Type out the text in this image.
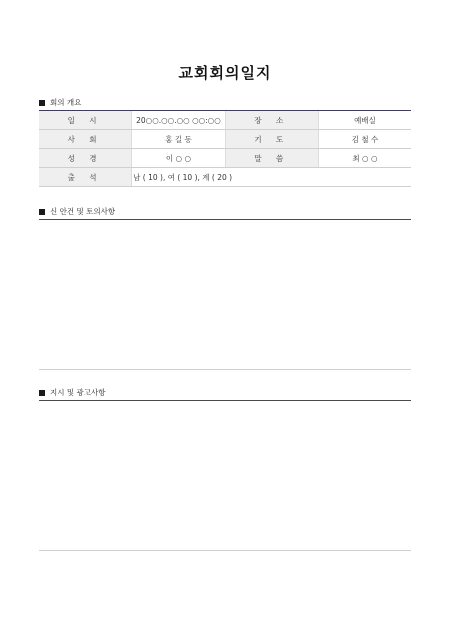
교회회의일지
회의 개요
일 시	20○○.○○.○○ ○○:○○	장 소	예배실
사 회	홍 길 동	기 도	김 철 수
성 경	이 ○ ○	말 씀	최 ○ ○
출 석	남 ( 10 ), 여 ( 10 ), 계 ( 20 )		
신 안건 및 토의사항
지시 및 광고사항
